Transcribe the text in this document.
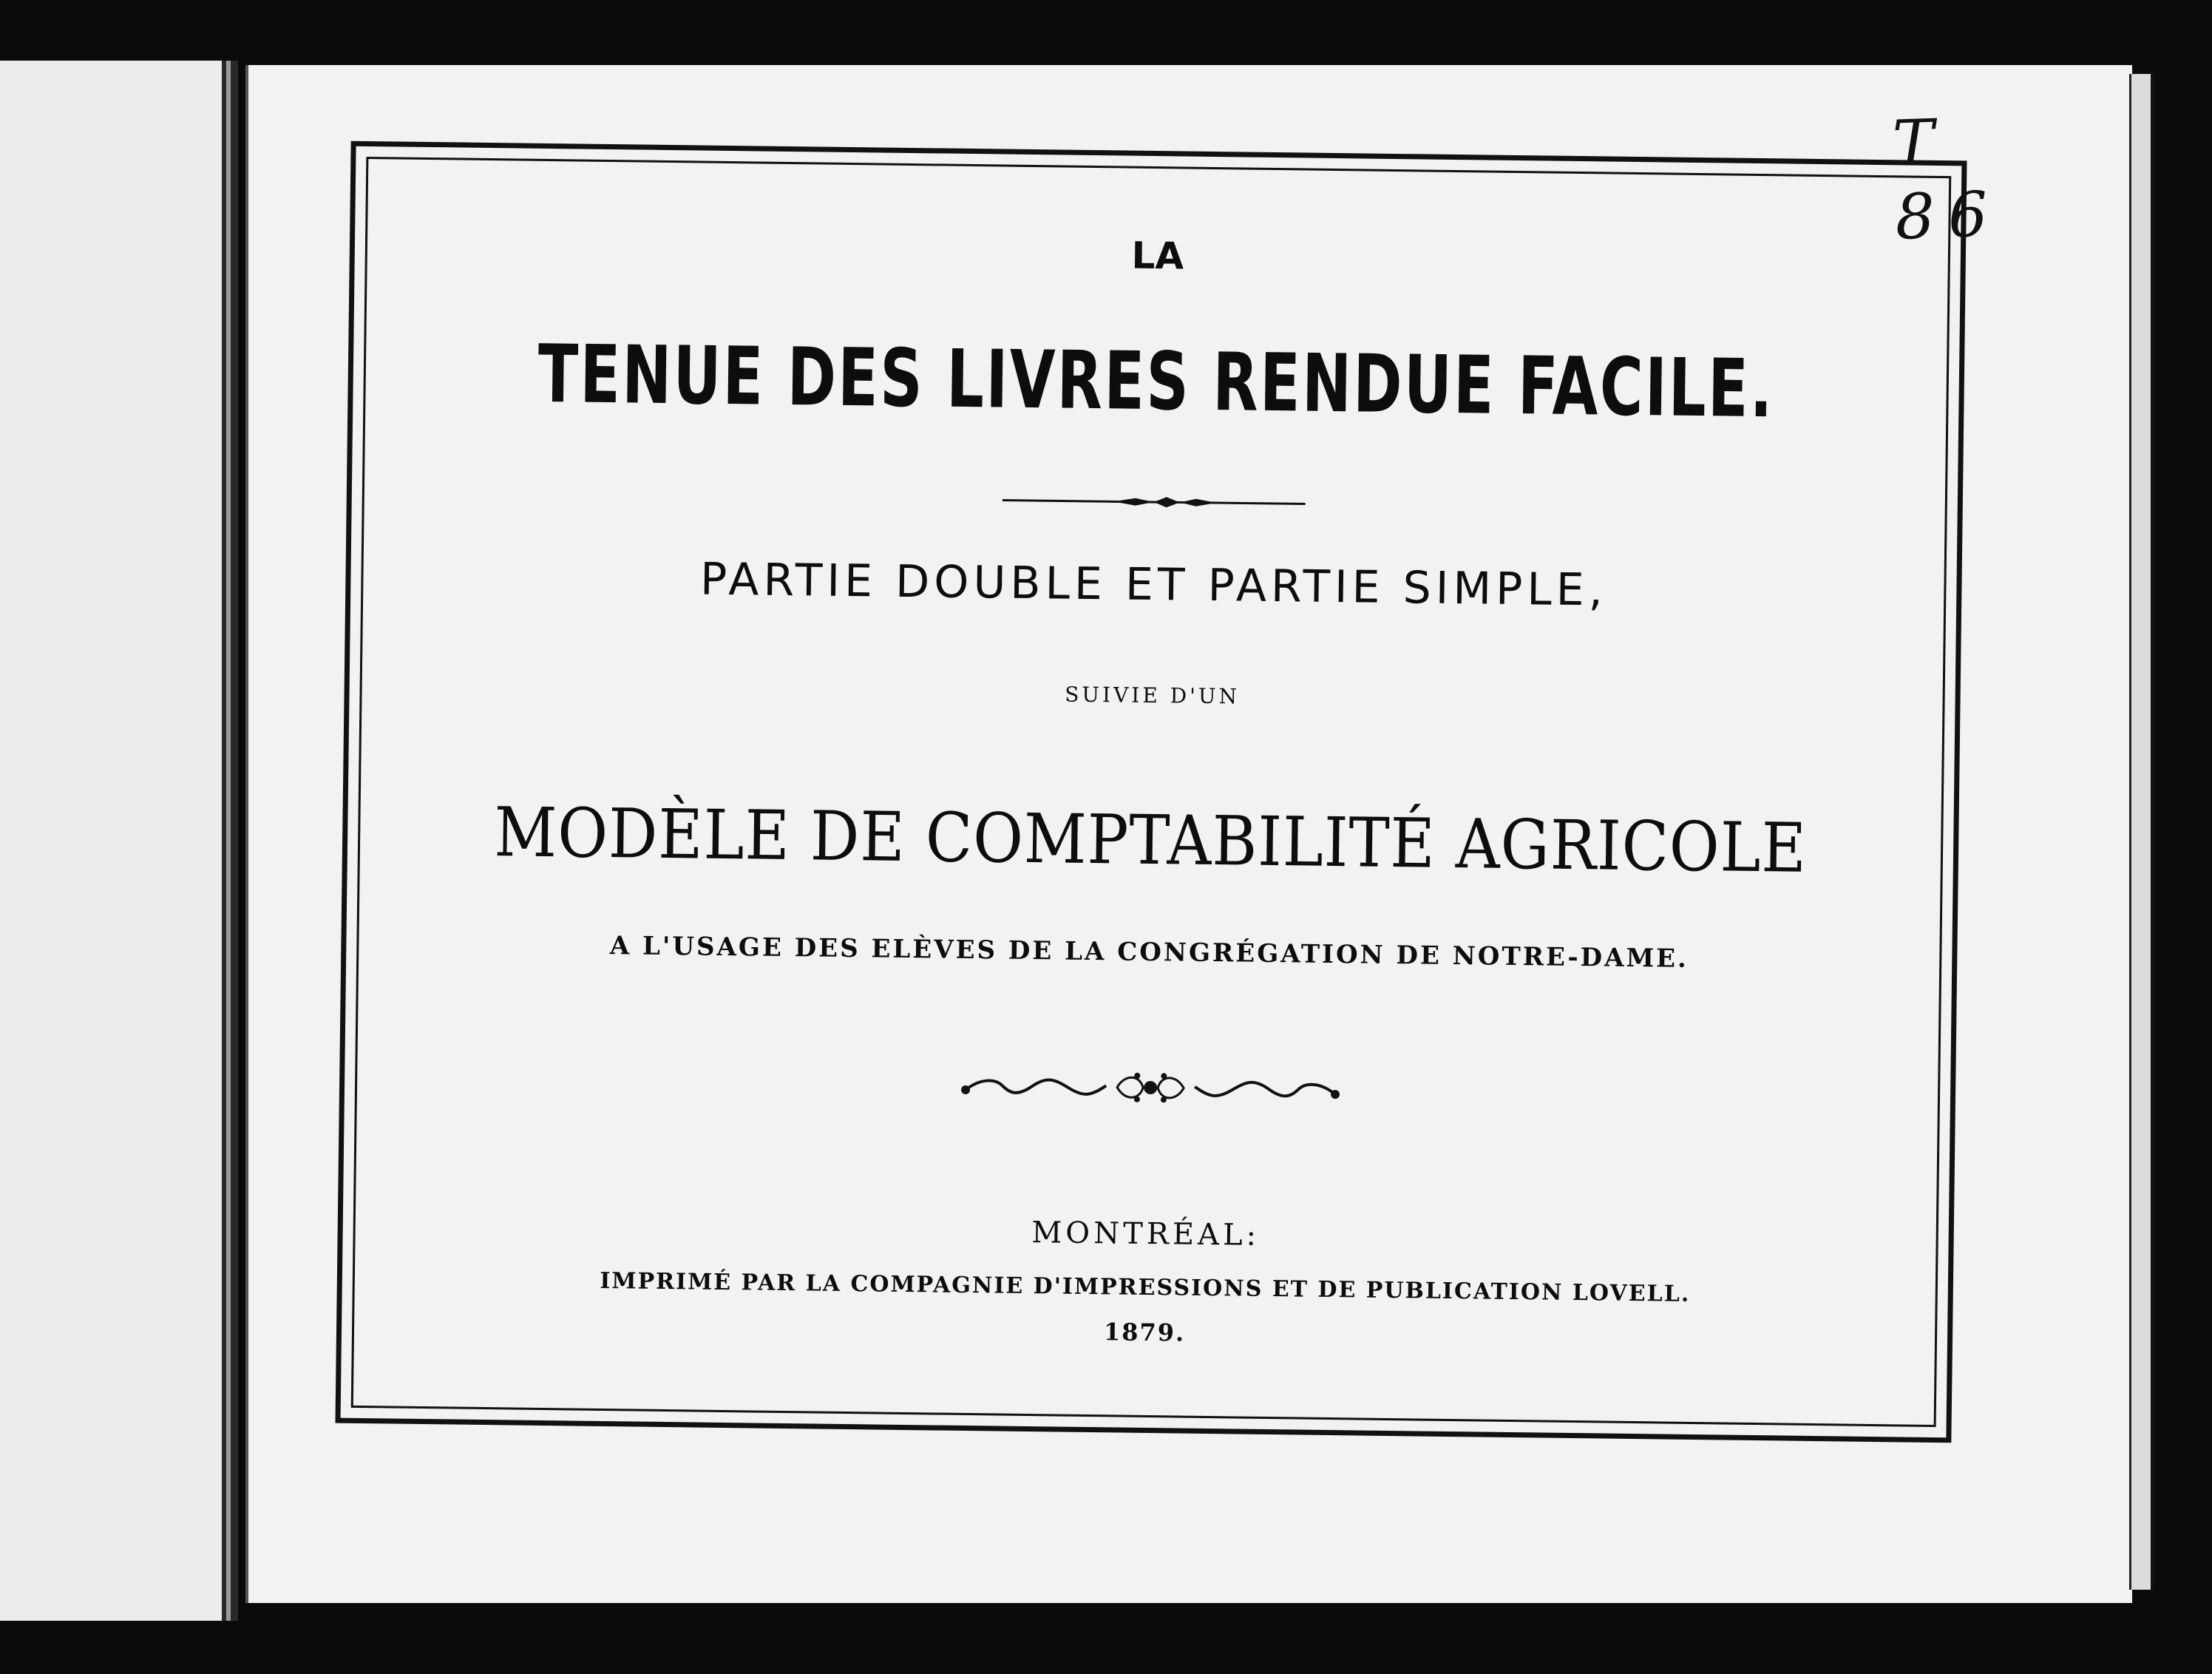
T 86
LA
TENUE DES LIVRES RENDUE FACILE.
PARTIE DOUBLE ET PARTIE SIMPLE,
SUIVIE D'UN
MODÈLE DE COMPTABILITÉ AGRICOLE
A L'USAGE DES ELÈVES DE LA CONGRÉGATION DE NOTRE-DAME.
MONTRÉAL:
IMPRIMÉ PAR LA COMPAGNIE D'IMPRESSIONS ET DE PUBLICATION LOVELL.
1879.
